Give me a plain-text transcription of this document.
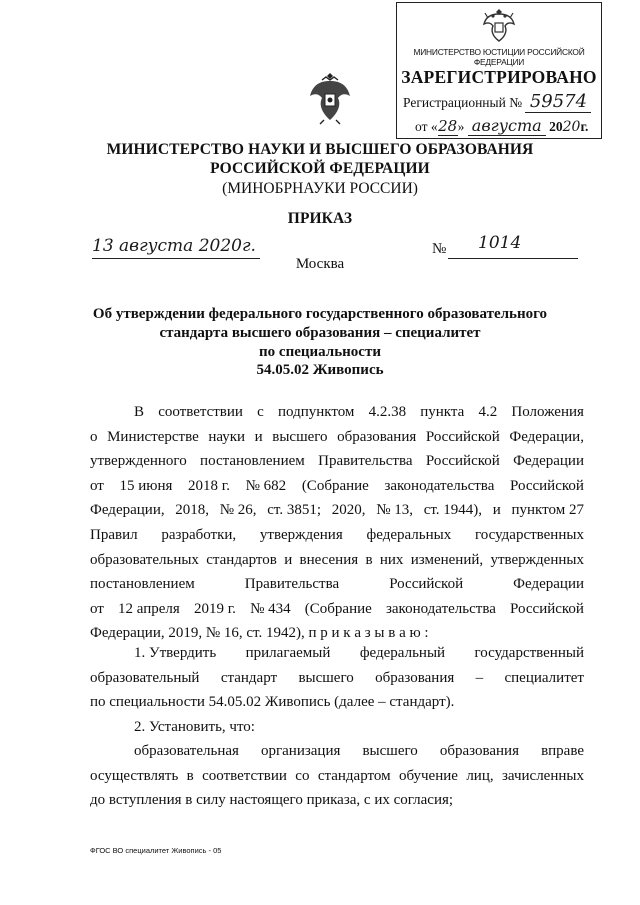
МИНИСТЕРСТВО ЮСТИЦИИ РОССИЙСКОЙ ФЕДЕРАЦИИ
ЗАРЕГИСТРИРОВАНО
Регистрационный № 59574
от «28» августа 2020г.
МИНИСТЕРСТВО НАУКИ И ВЫСШЕГО ОБРАЗОВАНИЯ
РОССИЙСКОЙ ФЕДЕРАЦИИ
(МИНОБРНАУКИ РОССИИ)
ПРИКАЗ
13 августа 2020г.	№ 1014
Москва
Об утверждении федерального государственного образовательного
стандарта высшего образования – специалитет
по специальности
54.05.02 Живопись
В соответствии с подпунктом 4.2.38 пункта 4.2 Положения
о Министерстве науки и высшего образования Российской Федерации,
утвержденного постановлением Правительства Российской Федерации
от 15 июня 2018 г. № 682 (Собрание законодательства Российской
Федерации, 2018, № 26, ст. 3851; 2020, № 13, ст. 1944), и пунктом 27
Правил разработки, утверждения федеральных государственных
образовательных стандартов и внесения в них изменений, утвержденных
постановлением	Правительства	Российской	Федерации
от 12 апреля 2019 г. № 434 (Собрание законодательства Российской
Федерации, 2019, № 16, ст. 1942), п р и к а з ы в а ю :
1. Утвердить прилагаемый федеральный государственный
образовательный стандарт высшего образования – специалитет
по специальности 54.05.02 Живопись (далее – стандарт).
2. Установить, что:
образовательная организация высшего образования вправе
осуществлять в соответствии со стандартом обучение лиц, зачисленных
до вступления в силу настоящего приказа, с их согласия;
ФГОС ВО специалитет Живопись - 05
